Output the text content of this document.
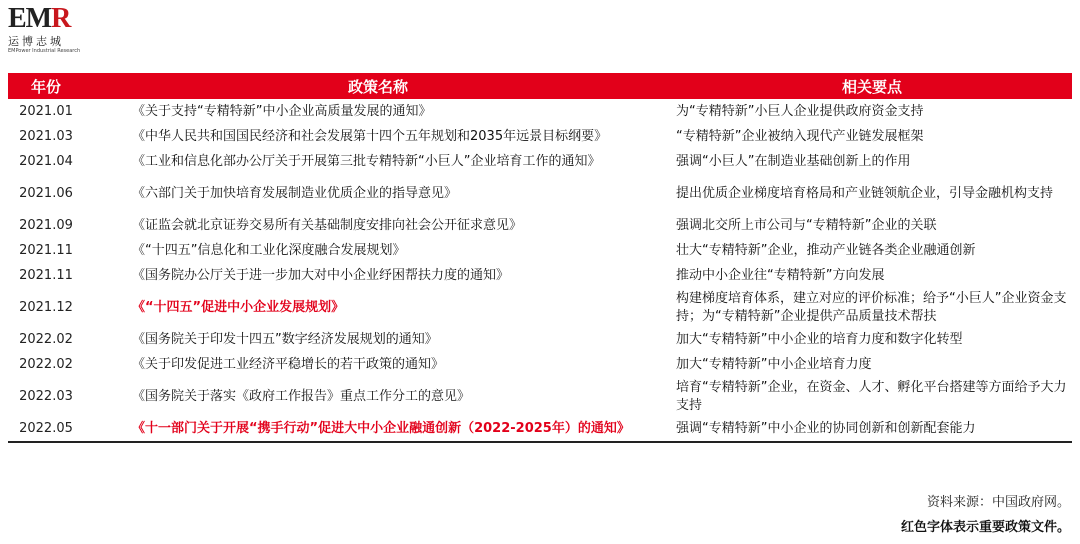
EMR
运博志城
EMPower Industrial Research
年份	政策名称	相关要点
2021.01	《关于支持“专精特新”中小企业高质量发展的通知》	为“专精特新”小巨人企业提供政府资金支持
2021.03	《中华人民共和国国民经济和社会发展第十四个五年规划和2035年远景目标纲要》	“专精特新”企业被纳入现代产业链发展框架
2021.04	《工业和信息化部办公厅关于开展第三批专精特新“小巨人”企业培育工作的通知》	强调“小巨人”在制造业基础创新上的作用
2021.06	《六部门关于加快培育发展制造业优质企业的指导意见》	提出优质企业梯度培育格局和产业链领航企业，引导金融机构支持
2021.09	《证监会就北京证券交易所有关基础制度安排向社会公开征求意见》	强调北交所上市公司与“专精特新”企业的关联
2021.11	《“十四五”信息化和工业化深度融合发展规划》	壮大“专精特新”企业，推动产业链各类企业融通创新
2021.11	《国务院办公厅关于进一步加大对中小企业纾困帮扶力度的通知》	推动中小企业往“专精特新”方向发展
2021.12	《“十四五”促进中小企业发展规划》	构建梯度培育体系，建立对应的评价标准；给予“小巨人”企业资金支持；为“专精特新”企业提供产品质量技术帮扶
2022.02	《国务院关于印发十四五”数字经济发展规划的通知》	加大“专精特新”中小企业的培育力度和数字化转型
2022.02	《关于印发促进工业经济平稳增长的若干政策的通知》	加大“专精特新”中小企业培育力度
2022.03	《国务院关于落实《政府工作报告》重点工作分工的意见》	培育“专精特新”企业，在资金、人才、孵化平台搭建等方面给予大力支持
2022.05	《十一部门关于开展“携手行动”促进大中小企业融通创新（2022-2025年）的通知》	强调“专精特新”中小企业的协同创新和创新配套能力
资料来源：中国政府网。
红色字体表示重要政策文件。
